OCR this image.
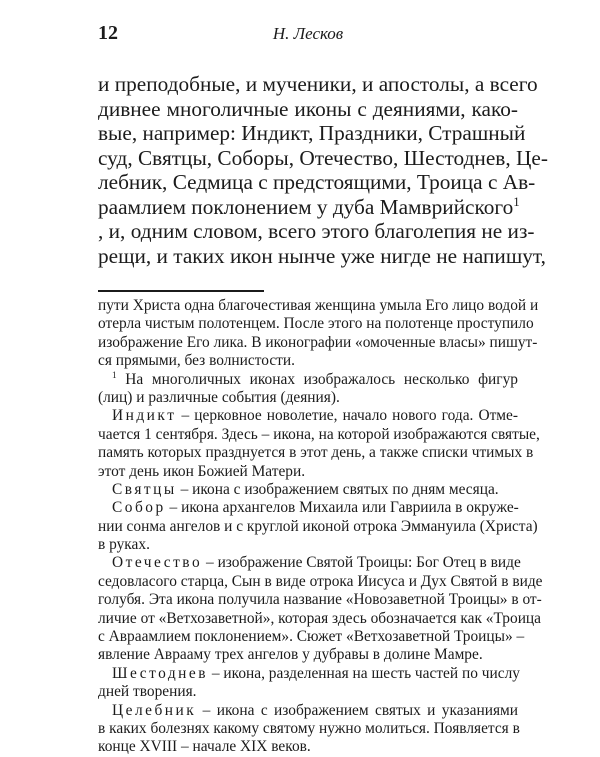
12	Н. Лесков
и преподобные, и мученики, и апостолы, а всего
дивнее многоличные иконы с деяниями, како-
вые, например: Индикт, Праздники, Страшный
суд, Святцы, Соборы, Отечество, Шестоднев, Це-
лебник, Седмица с предстоящими, Троица с Ав-
раамлием поклонением у дуба Мамврийского$^1$
, и, одним словом, всего этого благолепия не из-
рещи, и таких икон нынче уже нигде не напишут,
пути Христа одна благочестивая женщина умыла Его лицо водой и
отерла чистым полотенцем. После этого на полотенце проступило
изображение Его лика. В иконографии «омоченные власы» пишут-
ся прямыми, без волнистости.
$^1$ На многоличных иконах изображалось несколько фигур
(лиц) и различные события (деяния).
Индикт – церковное новолетие, начало нового года. Отме-
чается 1 сентября. Здесь – икона, на которой изображаются святые,
память которых празднуется в этот день, а также списки чтимых в
этот день икон Божией Матери.
Святцы – икона с изображением святых по дням месяца.
Собор – икона архангелов Михаила или Гавриила в окруже-
нии сонма ангелов и с круглой иконой отрока Эммануила (Христа)
в руках.
Отечество – изображение Святой Троицы: Бог Отец в виде
седовласого старца, Сын в виде отрока Иисуса и Дух Святой в виде
голубя. Эта икона получила название «Новозаветной Троицы» в от-
личие от «Ветхозаветной», которая здесь обозначается как «Троица
с Авраамлием поклонением». Сюжет «Ветхозаветной Троицы» –
явление Аврааму трех ангелов у дубравы в долине Мамре.
Шестоднев – икона, разделенная на шесть частей по числу
дней творения.
Целебник – икона с изображением святых и указаниями
в каких болезнях какому святому нужно молиться. Появляется в
конце XVIII – начале XIX веков.
